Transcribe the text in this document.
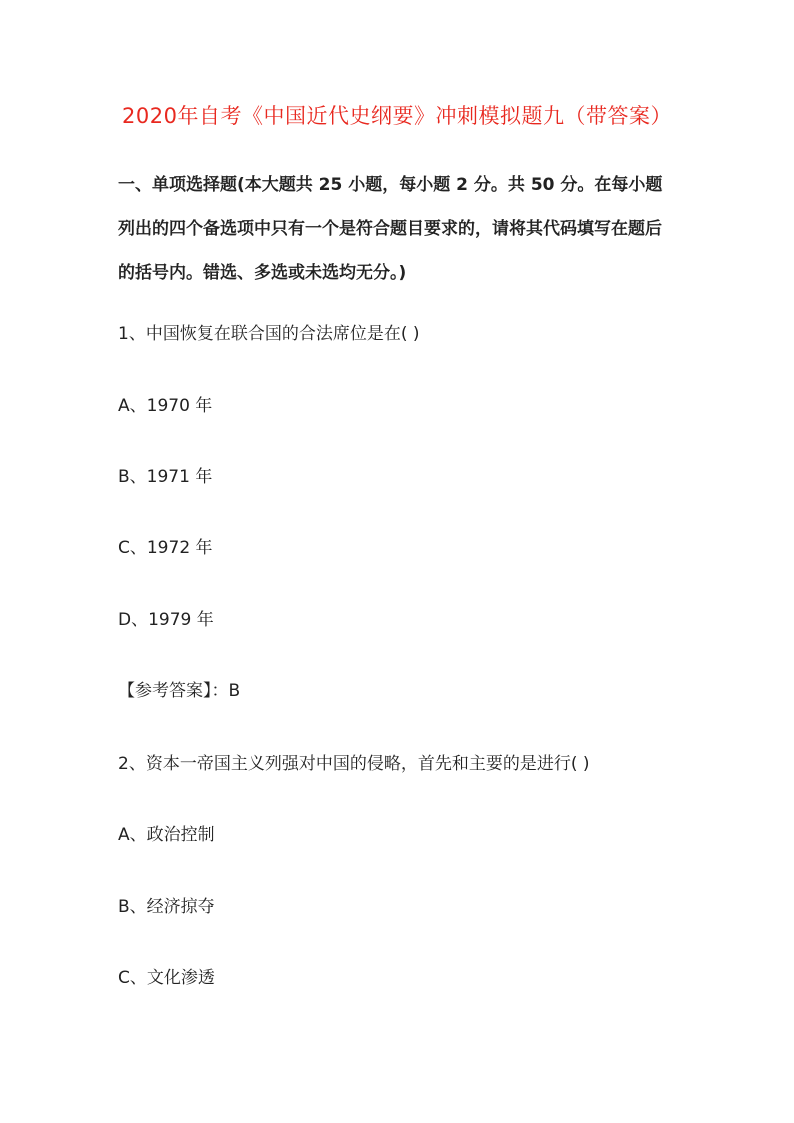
2020年自考《中国近代史纲要》冲刺模拟题九（带答案）
一、单项选择题(本大题共 25 小题，每小题 2 分。共 50 分。在每小题列出的四个备选项中只有一个是符合题目要求的，请将其代码填写在题后的括号内。错选、多选或未选均无分。)
1、中国恢复在联合国的合法席位是在( )
A、1970 年
B、1971 年
C、1972 年
D、1979 年
【参考答案】：B
2、资本一帝国主义列强对中国的侵略，首先和主要的是进行( )
A、政治控制
B、经济掠夺
C、文化渗透
